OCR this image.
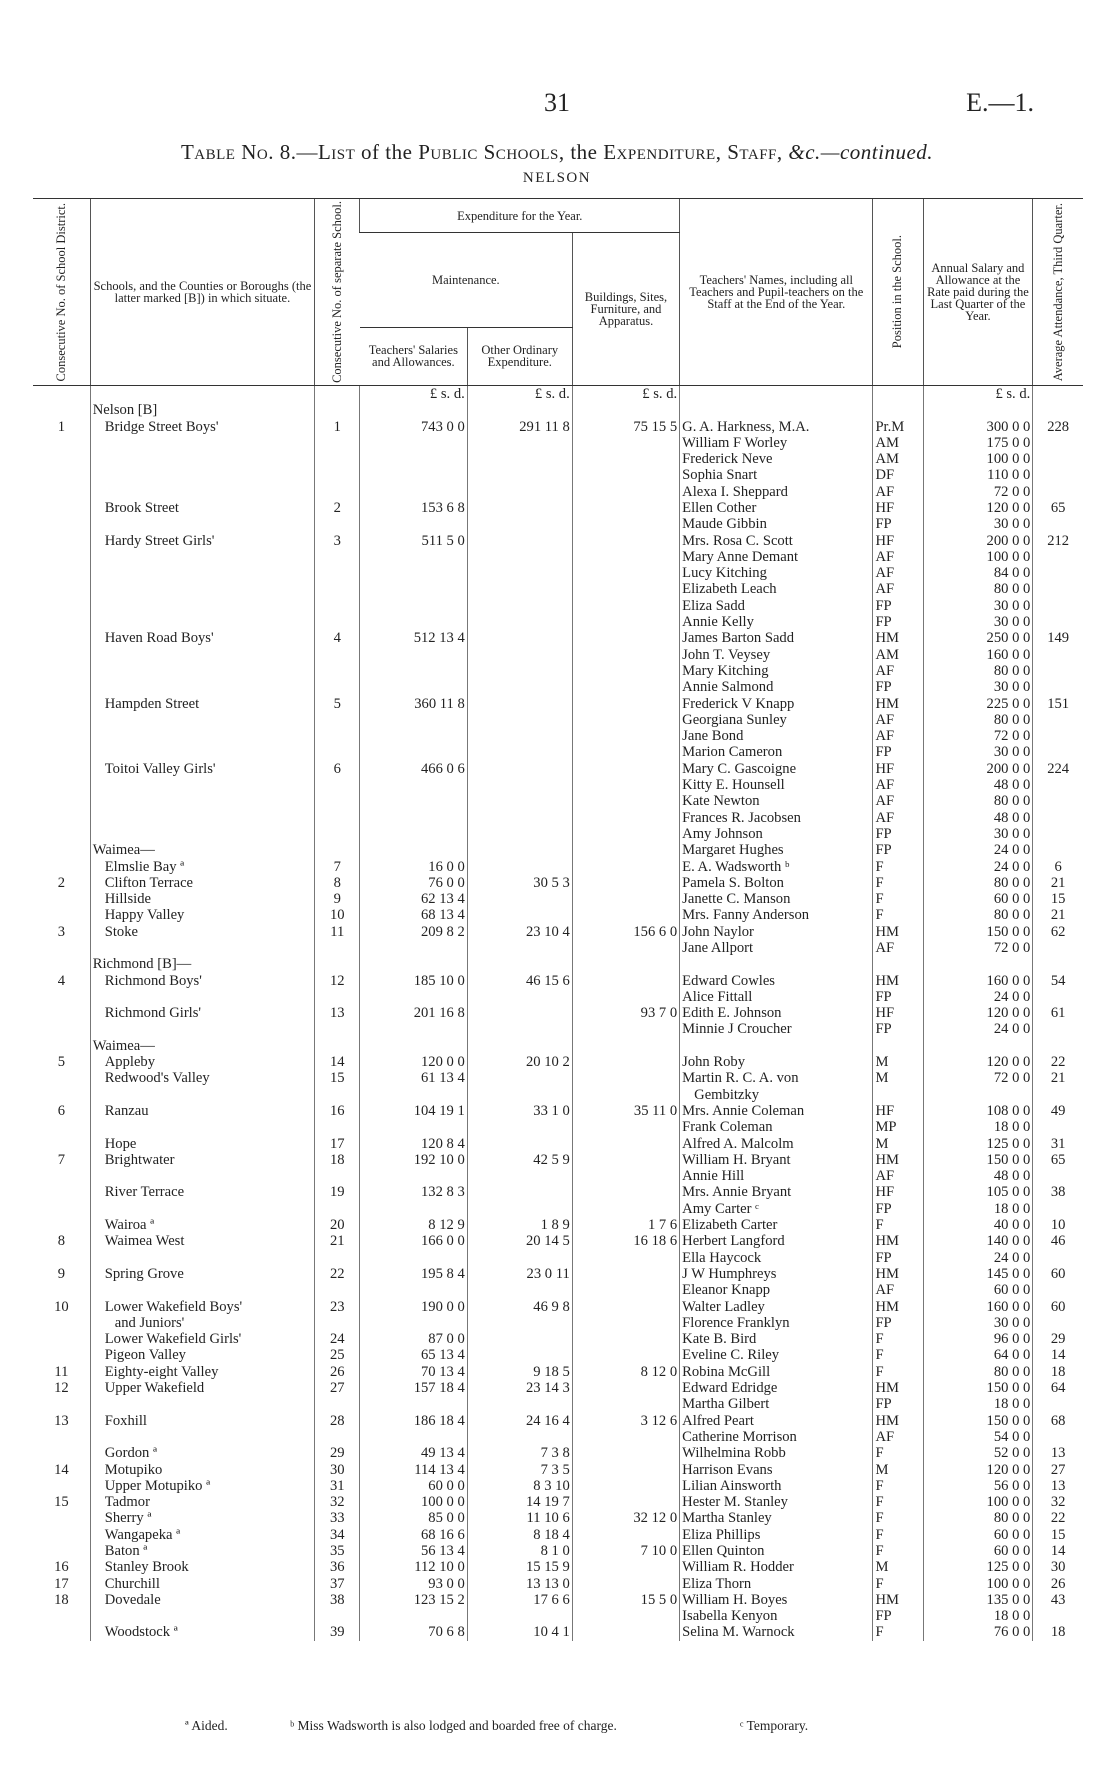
31	E.—1.
Table No. 8.—List of the Public Schools, the Expenditure, Staff, &c.—continued.
NELSON
Consecutive No. of School District.	Schools, and the Counties or Boroughs (the latter marked [B]) in which situate.	Consecutive No. of separate School.	Expenditure for the Year.			Teachers' Names, including all Teachers and Pupil-teachers on the Staff at the End of the Year.	Position in the School.	Annual Salary and Allowance at the Rate paid during the Last Quarter of the Year.	Average Attendance, Third Quarter.

			Maintenance.		Buildings, Sites, Furniture, and Apparatus.				
			Teachers' Salaries and Allowances.	Other Ordinary Expenditure.					
			£ s. d.	£ s. d.	£ s. d.			£ s. d.	
	Nelson [B]								
1	Bridge Street Boys'	1	743 0 0	291 11 8	75 15 5	G. A. Harkness, M.A.	Pr.M	300 0 0	228
						William F Worley	AM	175 0 0	
						Frederick Neve	AM	100 0 0	
						Sophia Snart	DF	110 0 0	
						Alexa I. Sheppard	AF	72 0 0	
	Brook Street	2	153 6 8			Ellen Cother	HF	120 0 0	65
						Maude Gibbin	FP	30 0 0	
	Hardy Street Girls'	3	511 5 0			Mrs. Rosa C. Scott	HF	200 0 0	212
						Mary Anne Demant	AF	100 0 0	
						Lucy Kitching	AF	84 0 0	
						Elizabeth Leach	AF	80 0 0	
						Eliza Sadd	FP	30 0 0	
						Annie Kelly	FP	30 0 0	
	Haven Road Boys'	4	512 13 4			James Barton Sadd	HM	250 0 0	149
						John T. Veysey	AM	160 0 0	
						Mary Kitching	AF	80 0 0	
						Annie Salmond	FP	30 0 0	
	Hampden Street	5	360 11 8			Frederick V Knapp	HM	225 0 0	151
						Georgiana Sunley	AF	80 0 0	
						Jane Bond	AF	72 0 0	
						Marion Cameron	FP	30 0 0	
	Toitoi Valley Girls'	6	466 0 6			Mary C. Gascoigne	HF	200 0 0	224
						Kitty E. Hounsell	AF	48 0 0	
						Kate Newton	AF	80 0 0	
						Frances R. Jacobsen	AF	48 0 0	
						Amy Johnson	FP	30 0 0	
	Waimea—					Margaret Hughes	FP	24 0 0	
	Elmslie Bay ª	7	16 0 0			E. A. Wadsworth ᵇ	F	24 0 0	6
2	Clifton Terrace	8	76 0 0	30 5 3		Pamela S. Bolton	F	80 0 0	21
	Hillside	9	62 13 4			Janette C. Manson	F	60 0 0	15
	Happy Valley	10	68 13 4			Mrs. Fanny Anderson	F	80 0 0	21
3	Stoke	11	209 8 2	23 10 4	156 6 0	John Naylor	HM	150 0 0	62
						Jane Allport	AF	72 0 0	
	Richmond [B]—								
4	Richmond Boys'	12	185 10 0	46 15 6		Edward Cowles	HM	160 0 0	54
						Alice Fittall	FP	24 0 0	
	Richmond Girls'	13	201 16 8		93 7 0	Edith E. Johnson	HF	120 0 0	61
						Minnie J Croucher	FP	24 0 0	
	Waimea—								
5	Appleby	14	120 0 0	20 10 2		John Roby	M	120 0 0	22
	Redwood's Valley	15	61 13 4			Martin R. C. A. von	M	72 0 0	21
						Gembitzky			
6	Ranzau	16	104 19 1	33 1 0	35 11 0	Mrs. Annie Coleman	HF	108 0 0	49
						Frank Coleman	MP	18 0 0	
	Hope	17	120 8 4			Alfred A. Malcolm	M	125 0 0	31
7	Brightwater	18	192 10 0	42 5 9		William H. Bryant	HM	150 0 0	65
						Annie Hill	AF	48 0 0	
	River Terrace	19	132 8 3			Mrs. Annie Bryant	HF	105 0 0	38
						Amy Carter ᶜ	FP	18 0 0	
	Wairoa ª	20	8 12 9	1 8 9	1 7 6	Elizabeth Carter	F	40 0 0	10
8	Waimea West	21	166 0 0	20 14 5	16 18 6	Herbert Langford	HM	140 0 0	46
						Ella Haycock	FP	24 0 0	
9	Spring Grove	22	195 8 4	23 0 11		J W Humphreys	HM	145 0 0	60
						Eleanor Knapp	AF	60 0 0	
10	Lower Wakefield Boys'	23	190 0 0	46 9 8		Walter Ladley	HM	160 0 0	60
	and Juniors'					Florence Franklyn	FP	30 0 0	
	Lower Wakefield Girls'	24	87 0 0			Kate B. Bird	F	96 0 0	29
	Pigeon Valley	25	65 13 4			Eveline C. Riley	F	64 0 0	14
11	Eighty-eight Valley	26	70 13 4	9 18 5	8 12 0	Robina McGill	F	80 0 0	18
12	Upper Wakefield	27	157 18 4	23 14 3		Edward Edridge	HM	150 0 0	64
						Martha Gilbert	FP	18 0 0	
13	Foxhill	28	186 18 4	24 16 4	3 12 6	Alfred Peart	HM	150 0 0	68
						Catherine Morrison	AF	54 0 0	
	Gordon ª	29	49 13 4	7 3 8		Wilhelmina Robb	F	52 0 0	13
14	Motupiko	30	114 13 4	7 3 5		Harrison Evans	M	120 0 0	27
	Upper Motupiko ª	31	60 0 0	8 3 10		Lilian Ainsworth	F	56 0 0	13
15	Tadmor	32	100 0 0	14 19 7		Hester M. Stanley	F	100 0 0	32
	Sherry ª	33	85 0 0	11 10 6	32 12 0	Martha Stanley	F	80 0 0	22
	Wangapeka ª	34	68 16 6	8 18 4		Eliza Phillips	F	60 0 0	15
	Baton ª	35	56 13 4	8 1 0	7 10 0	Ellen Quinton	F	60 0 0	14
16	Stanley Brook	36	112 10 0	15 15 9		William R. Hodder	M	125 0 0	30
17	Churchill	37	93 0 0	13 13 0		Eliza Thorn	F	100 0 0	26
18	Dovedale	38	123 15 2	17 6 6	15 5 0	William H. Boyes	HM	135 0 0	43
						Isabella Kenyon	FP	18 0 0	
	Woodstock ª	39	70 6 8	10 4 1		Selina M. Warnock	F	76 0 0	18
ª Aided.	ᵇ Miss Wadsworth is also lodged and boarded free of charge.	ᶜ Temporary.
